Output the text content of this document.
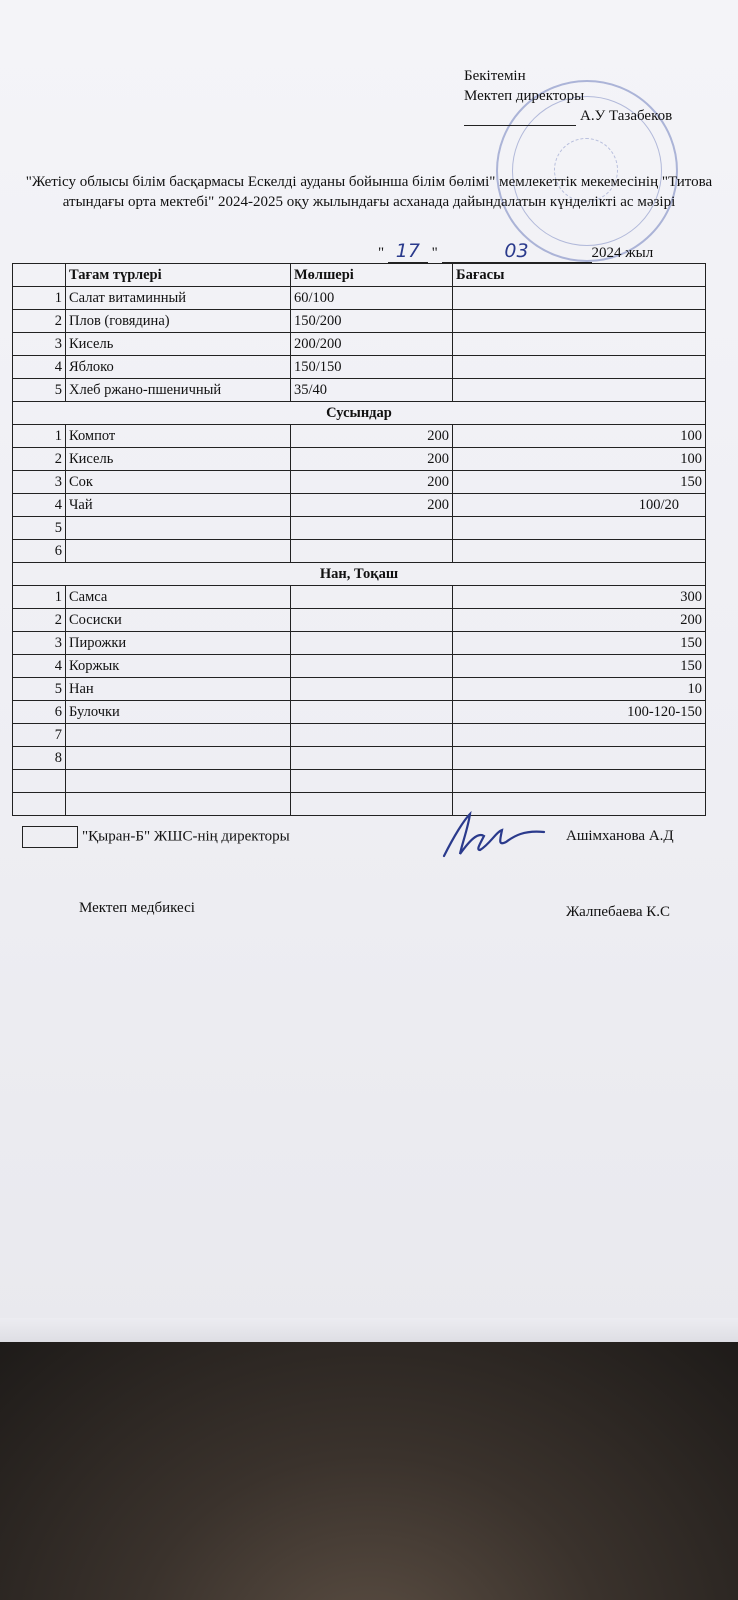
Бекітемін
Мектеп директоры
А.У Тазабеков
"Жетісу облысы білім басқармасы Ескелді ауданы бойынша білім бөлімі" мемлекеттік мекемесінің "Титова атындағы орта мектебі" 2024-2025 оқу жылындағы асханада дайындалатын күнделікті ас мәзірі
" 17 "	03	2024 жыл
	Тағам түрлері	Мөлшері	Бағасы
1	Салат витаминный	60/100	
2	Плов (говядина)	150/200	
3	Кисель	200/200	
4	Яблоко	150/150	
5	Хлеб ржано-пшеничный	35/40	
Сусындар			
1	Компот	200	100
2	Кисель	200	100
3	Сок	200	150
4	Чай	200	100/20
5			
6			
Нан, Тоқаш			
1	Самса		300
2	Сосиски		200
3	Пирожки		150
4	Коржык		150
5	Нан		10
6	Булочки		100-120-150
7			
8			

"Қыран-Б" ЖШС-нің директоры	Ашімханова А.Д
Мектеп медбикесі	Жалпебаева К.С
